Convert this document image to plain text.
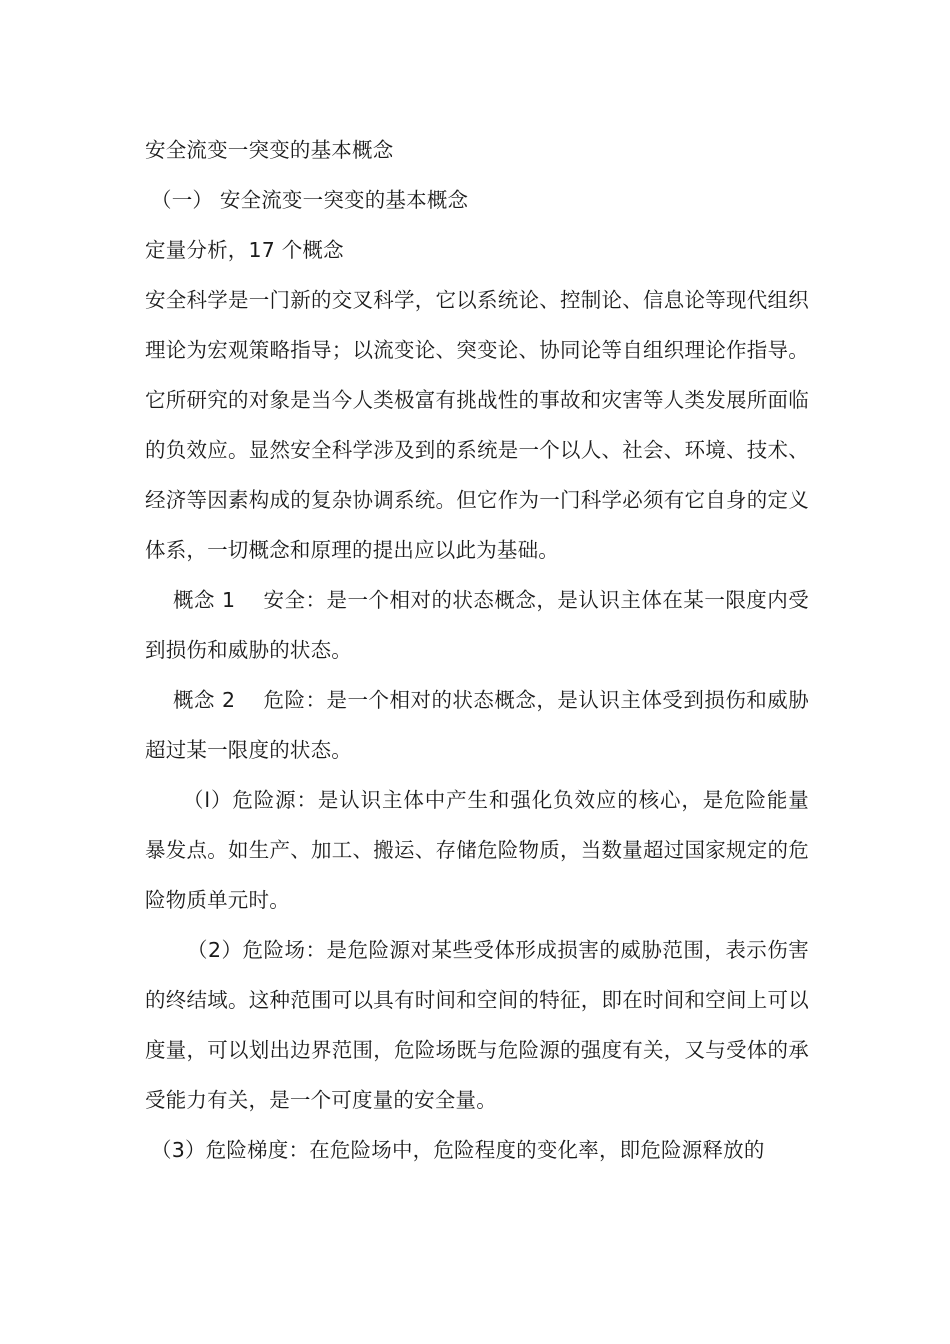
安全流变一突变的基本概念

（一） 安全流变一突变的基本概念

定量分析，17 个概念

安全科学是一门新的交叉科学，它以系统论、控制论、信息论等现代组织理论为宏观策略指导；以流变论、突变论、协同论等自组织理论作指导。它所研究的对象是当今人类极富有挑战性的事故和灾害等人类发展所面临的负效应。显然安全科学涉及到的系统是一个以人、社会、环境、技术、经济等因素构成的复杂协调系统。但它作为一门科学必须有它自身的定义体系，一切概念和原理的提出应以此为基础。

概念 1　 安全：是一个相对的状态概念，是认识主体在某一限度内受到损伤和威胁的状态。

概念 2　 危险：是一个相对的状态概念，是认识主体受到损伤和威胁超过某一限度的状态。

（l）危险源：是认识主体中产生和强化负效应的核心，是危险能量暴发点。如生产、加工、搬运、存储危险物质，当数量超过国家规定的危险物质单元时。

（2）危险场：是危险源对某些受体形成损害的威胁范围，表示伤害的终结域。这种范围可以具有时间和空间的特征，即在时间和空间上可以度量，可以划出边界范围，危险场既与危险源的强度有关，又与受体的承受能力有关，是一个可度量的安全量。

（3）危险梯度：在危险场中，危险程度的变化率，即危险源释放的
